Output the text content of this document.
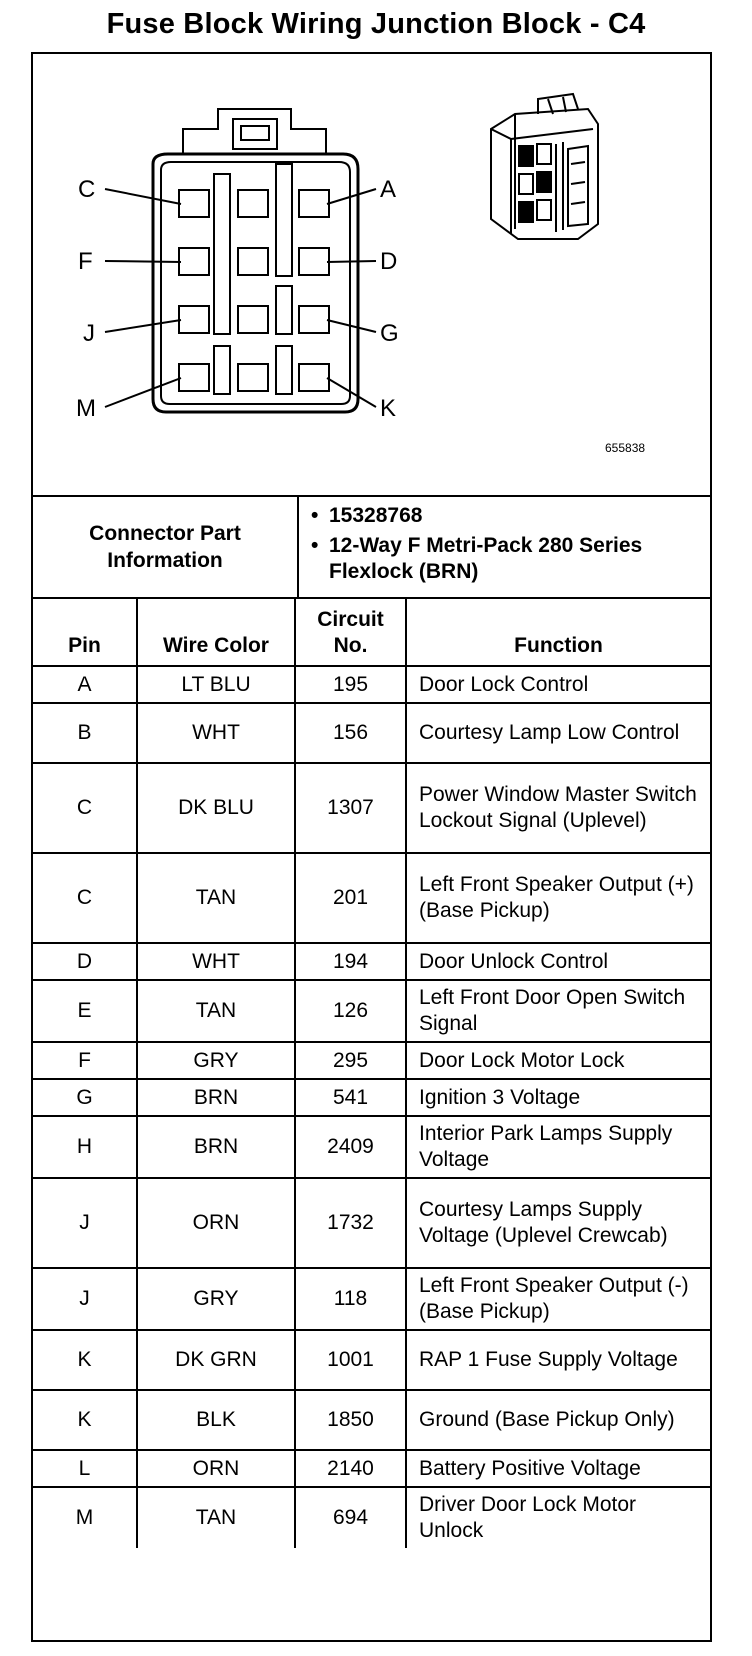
Fuse Block Wiring Junction Block - C4
C
F
J
M
A
D
G
K
655838
Connector Part Information
• 15328768
• 12-Way F Metri-Pack 280 Series Flexlock (BRN)
Pin	Wire Color	Circuit No.	Function
A	LT BLU	195	Door Lock Control
B	WHT	156	Courtesy Lamp Low Control
C	DK BLU	1307	Power Window Master Switch Lockout Signal (Uplevel)
C	TAN	201	Left Front Speaker Output (+) (Base Pickup)
D	WHT	194	Door Unlock Control
E	TAN	126	Left Front Door Open Switch Signal
F	GRY	295	Door Lock Motor Lock
G	BRN	541	Ignition 3 Voltage
H	BRN	2409	Interior Park Lamps Supply Voltage
J	ORN	1732	Courtesy Lamps Supply Voltage (Uplevel Crewcab)
J	GRY	118	Left Front Speaker Output (-) (Base Pickup)
K	DK GRN	1001	RAP 1 Fuse Supply Voltage
K	BLK	1850	Ground (Base Pickup Only)
L	ORN	2140	Battery Positive Voltage
M	TAN	694	Driver Door Lock Motor Unlock
